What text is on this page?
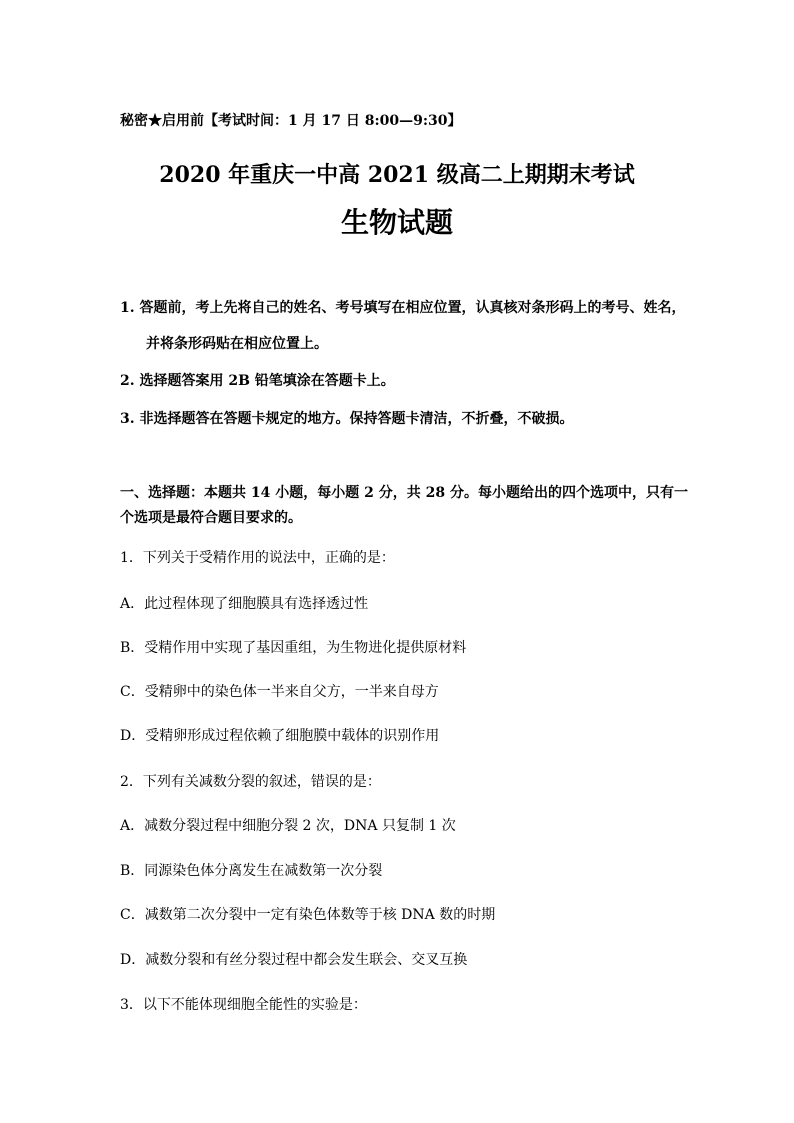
秘密★启用前【考试时间：1 月 17 日 8:00—9:30】
2020 年重庆一中高 2021 级高二上期期末考试
生物试题
1. 答题前，考上先将自己的姓名、考号填写在相应位置，认真核对条形码上的考号、姓名，
并将条形码贴在相应位置上。
2. 选择题答案用 2B 铅笔填涂在答题卡上。
3. 非选择题答在答题卡规定的地方。保持答题卡清洁，不折叠，不破损。
一、选择题：本题共 14 小题，每小题 2 分，共 28 分。每小题给出的四个选项中，只有一
个选项是最符合题目要求的。
1．下列关于受精作用的说法中，正确的是：
A．此过程体现了细胞膜具有选择透过性
B．受精作用中实现了基因重组，为生物进化提供原材料
C．受精卵中的染色体一半来自父方，一半来自母方
D．受精卵形成过程依赖了细胞膜中载体的识别作用
2．下列有关减数分裂的叙述，错误的是：
A．减数分裂过程中细胞分裂 2 次，DNA 只复制 1 次
B．同源染色体分离发生在减数第一次分裂
C．减数第二次分裂中一定有染色体数等于核 DNA 数的时期
D．减数分裂和有丝分裂过程中都会发生联会、交叉互换
3．以下不能体现细胞全能性的实验是：
